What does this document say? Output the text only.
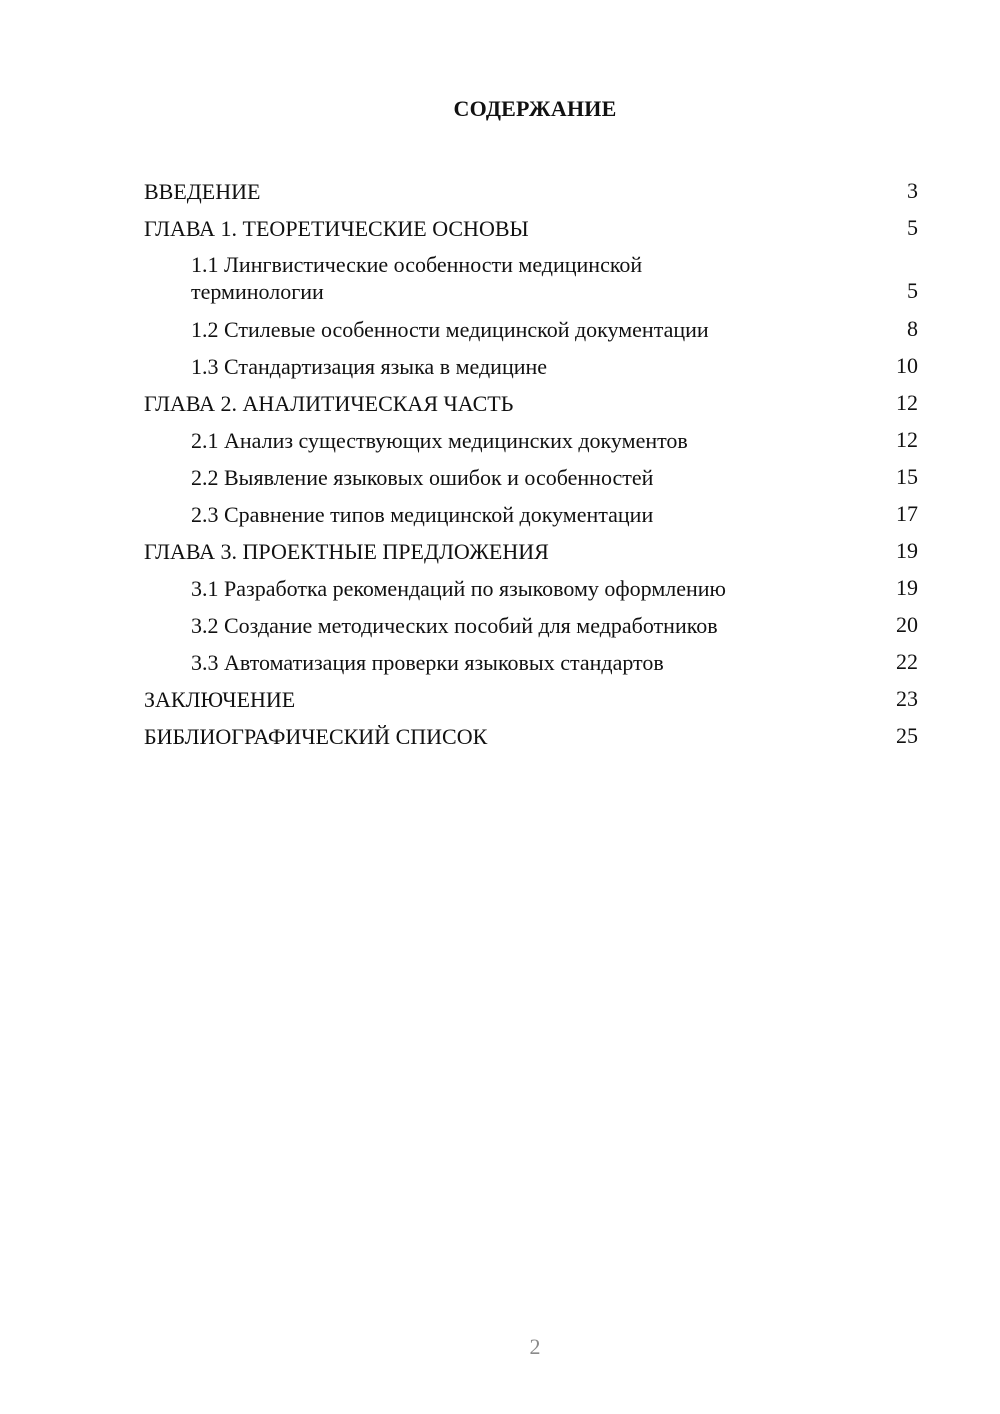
СОДЕРЖАНИЕ
ВВЕДЕНИЕ	3
ГЛАВА 1. ТЕОРЕТИЧЕСКИЕ ОСНОВЫ	5
1.1 Лингвистические особенности медицинской терминологии	5
1.2 Стилевые особенности медицинской документации	8
1.3 Стандартизация языка в медицине	10
ГЛАВА 2. АНАЛИТИЧЕСКАЯ ЧАСТЬ	12
2.1 Анализ существующих медицинских документов	12
2.2 Выявление языковых ошибок и особенностей	15
2.3 Сравнение типов медицинской документации	17
ГЛАВА 3. ПРОЕКТНЫЕ ПРЕДЛОЖЕНИЯ	19
3.1 Разработка рекомендаций по языковому оформлению	19
3.2 Создание методических пособий для медработников	20
3.3 Автоматизация проверки языковых стандартов	22
ЗАКЛЮЧЕНИЕ	23
БИБЛИОГРАФИЧЕСКИЙ СПИСОК	25
2
